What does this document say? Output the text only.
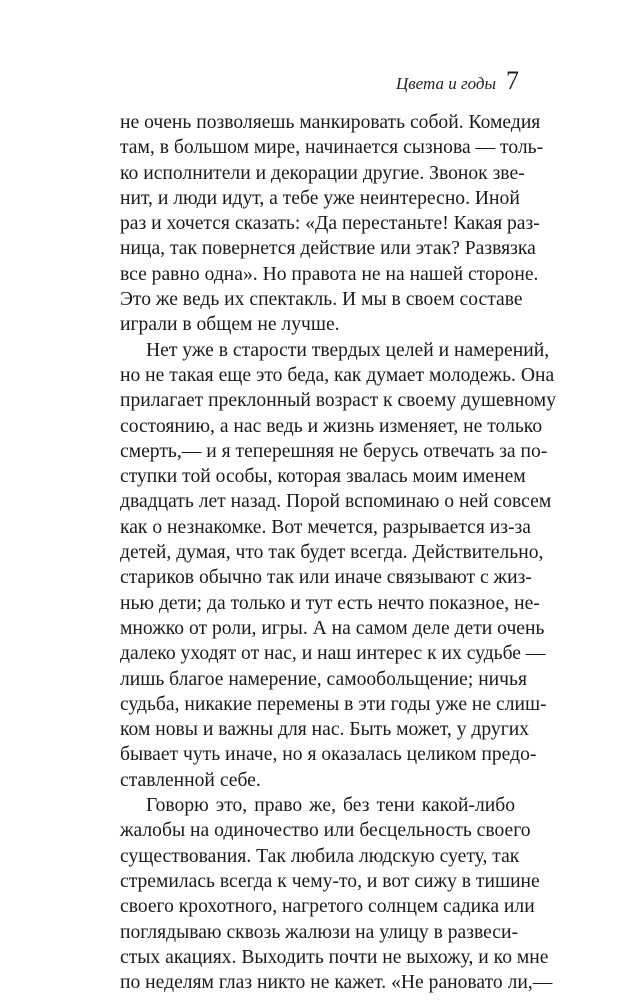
Цвета и годы 7
не очень позволяешь манкировать собой. Комедия
там, в большом мире, начинается сызнова — толь-
ко исполнители и декорации другие. Звонок зве-
нит, и люди идут, а тебе уже неинтересно. Иной
раз и хочется сказать: «Да перестаньте! Какая раз-
ница, так повернется действие или этак? Развязка
все равно одна». Но правота не на нашей стороне.
Это же ведь их спектакль. И мы в своем составе
играли в общем не лучше.
Нет уже в старости твердых целей и намерений,
но не такая еще это беда, как думает молодежь. Она
прилагает преклонный возраст к своему душевному
состоянию, а нас ведь и жизнь изменяет, не только
смерть,— и я теперешняя не берусь отвечать за по-
ступки той особы, которая звалась моим именем
двадцать лет назад. Порой вспоминаю о ней совсем
как о незнакомке. Вот мечется, разрывается из-за
детей, думая, что так будет всегда. Действительно,
стариков обычно так или иначе связывают с жиз-
нью дети; да только и тут есть нечто показное, не-
множко от роли, игры. А на самом деле дети очень
далеко уходят от нас, и наш интерес к их судьбе —
лишь благое намерение, самообольщение; ничья
судьба, никакие перемены в эти годы уже не слиш-
ком новы и важны для нас. Быть может, у других
бывает чуть иначе, но я оказалась целиком предо-
ставленной себе.
Говорю это, право же, без тени какой-либо
жалобы на одиночество или бесцельность своего
существования. Так любила людскую суету, так
стремилась всегда к чему-то, и вот сижу в тишине
своего крохотного, нагретого солнцем садика или
поглядываю сквозь жалюзи на улицу в развеси-
стых акациях. Выходить почти не выхожу, и ко мне
по неделям глаз никто не кажет. «Не рановато ли,—
